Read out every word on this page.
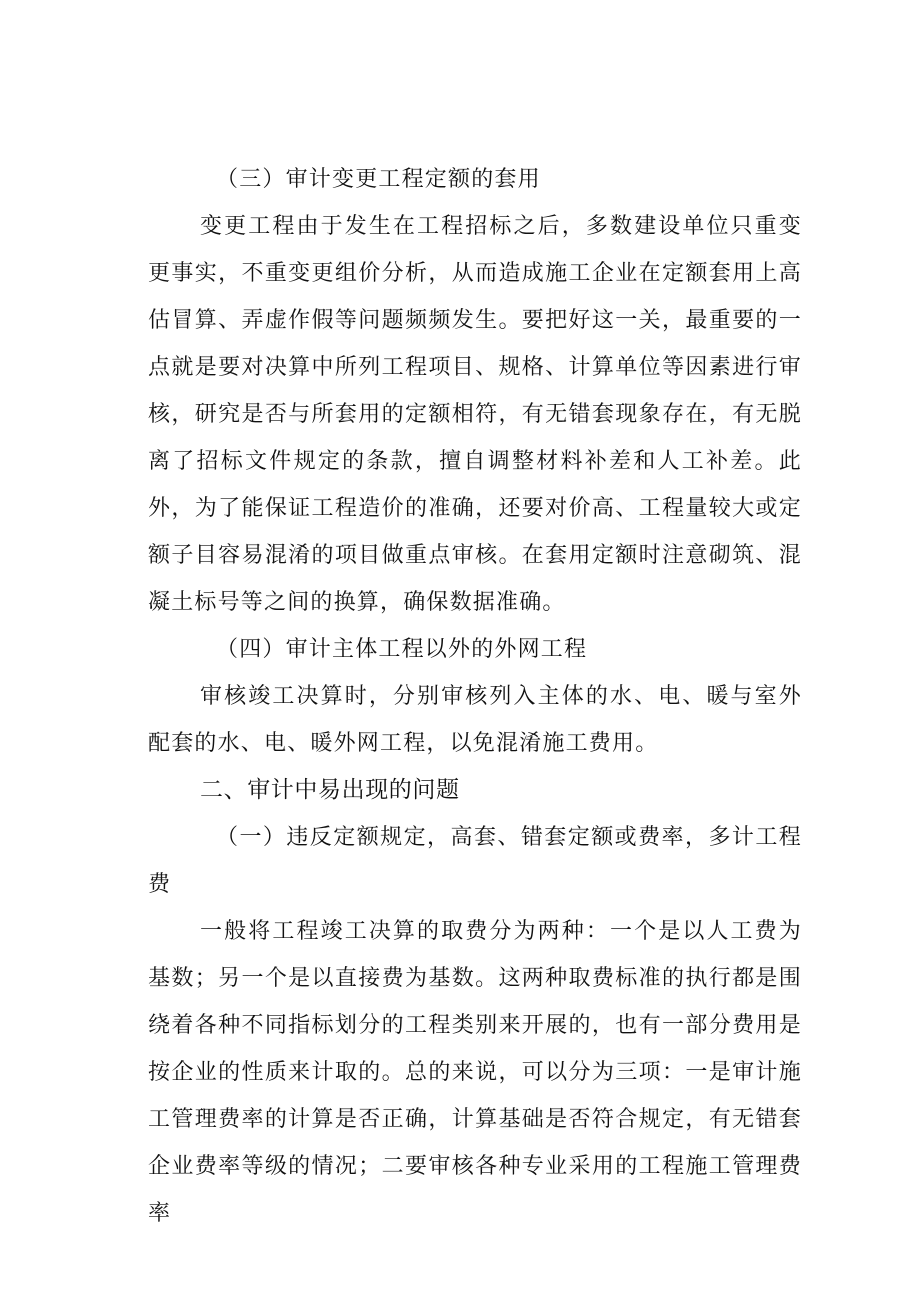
（三）审计变更工程定额的套用

变更工程由于发生在工程招标之后，多数建设单位只重变更事实，不重变更组价分析，从而造成施工企业在定额套用上高估冒算、弄虚作假等问题频频发生。要把好这一关，最重要的一点就是要对决算中所列工程项目、规格、计算单位等因素进行审核，研究是否与所套用的定额相符，有无错套现象存在，有无脱离了招标文件规定的条款，擅自调整材料补差和人工补差。此外，为了能保证工程造价的准确，还要对价高、工程量较大或定额子目容易混淆的项目做重点审核。在套用定额时注意砌筑、混凝土标号等之间的换算，确保数据准确。

（四）审计主体工程以外的外网工程

审核竣工决算时，分别审核列入主体的水、电、暖与室外配套的水、电、暖外网工程，以免混淆施工费用。

二、审计中易出现的问题
（一）违反定额规定，高套、错套定额或费率，多计工程费

一般将工程竣工决算的取费分为两种：一个是以人工费为基数；另一个是以直接费为基数。这两种取费标准的执行都是围绕着各种不同指标划分的工程类别来开展的，也有一部分费用是按企业的性质来计取的。总的来说，可以分为三项：一是审计施工管理费率的计算是否正确，计算基础是否符合规定，有无错套企业费率等级的情况；二要审核各种专业采用的工程施工管理费率
